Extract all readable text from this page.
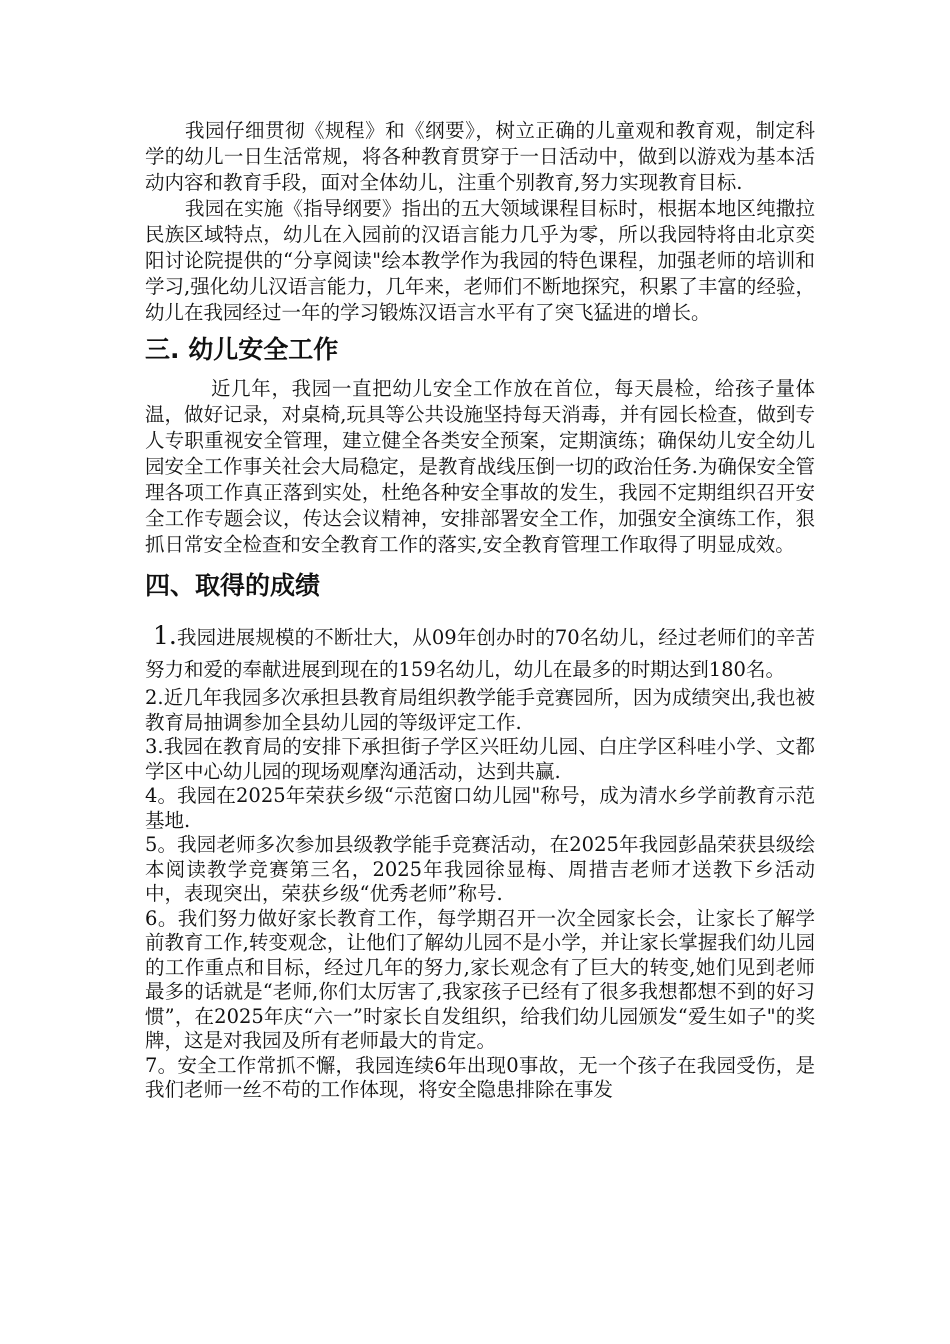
我园仔细贯彻《规程》和《纲要》，树立正确的儿童观和教育观，制定科学的幼儿一日生活常规，将各种教育贯穿于一日活动中，做到以游戏为基本活动内容和教育手段，面对全体幼儿，注重个别教育,努力实现教育目标.

我园在实施《指导纲要》指出的五大领域课程目标时，根据本地区纯撒拉民族区域特点，幼儿在入园前的汉语言能力几乎为零，所以我园特将由北京奕阳讨论院提供的“分享阅读"绘本教学作为我园的特色课程，加强老师的培训和学习,强化幼儿汉语言能力，几年来，老师们不断地探究，积累了丰富的经验，幼儿在我园经过一年的学习锻炼汉语言水平有了突飞猛进的增长。

三. 幼儿安全工作

近几年，我园一直把幼儿安全工作放在首位，每天晨检，给孩子量体温，做好记录，对桌椅,玩具等公共设施坚持每天消毒，并有园长检查，做到专人专职重视安全管理，建立健全各类安全预案，定期演练；确保幼儿安全幼儿园安全工作事关社会大局稳定，是教育战线压倒一切的政治任务.为确保安全管理各项工作真正落到实处，杜绝各种安全事故的发生，我园不定期组织召开安全工作专题会议，传达会议精神，安排部署安全工作，加强安全演练工作，狠抓日常安全检查和安全教育工作的落实,安全教育管理工作取得了明显成效。

四、取得的成绩

1.我园进展规模的不断壮大，从09年创办时的70名幼儿，经过老师们的辛苦努力和爱的奉献进展到现在的159名幼儿，幼儿在最多的时期达到180名。

2.近几年我园多次承担县教育局组织教学能手竞赛园所，因为成绩突出,我也被教育局抽调参加全县幼儿园的等级评定工作.

3.我园在教育局的安排下承担街子学区兴旺幼儿园、白庄学区科哇小学、文都学区中心幼儿园的现场观摩沟通活动，达到共赢.

4。我园在2025年荣获乡级“示范窗口幼儿园"称号，成为清水乡学前教育示范基地.

5。我园老师多次参加县级教学能手竞赛活动，在2025年我园彭晶荣获县级绘本阅读教学竞赛第三名，2025年我园徐显梅、周措吉老师才送教下乡活动中，表现突出，荣获乡级“优秀老师”称号.

6。我们努力做好家长教育工作，每学期召开一次全园家长会，让家长了解学前教育工作,转变观念，让他们了解幼儿园不是小学，并让家长掌握我们幼儿园的工作重点和目标，经过几年的努力,家长观念有了巨大的转变,她们见到老师最多的话就是“老师,你们太厉害了,我家孩子已经有了很多我想都想不到的好习惯”，在2025年庆“六一”时家长自发组织，给我们幼儿园颁发“爱生如子"的奖牌，这是对我园及所有老师最大的肯定。

7。安全工作常抓不懈，我园连续6年出现0事故，无一个孩子在我园受伤，是我们老师一丝不苟的工作体现，将安全隐患排除在事发
